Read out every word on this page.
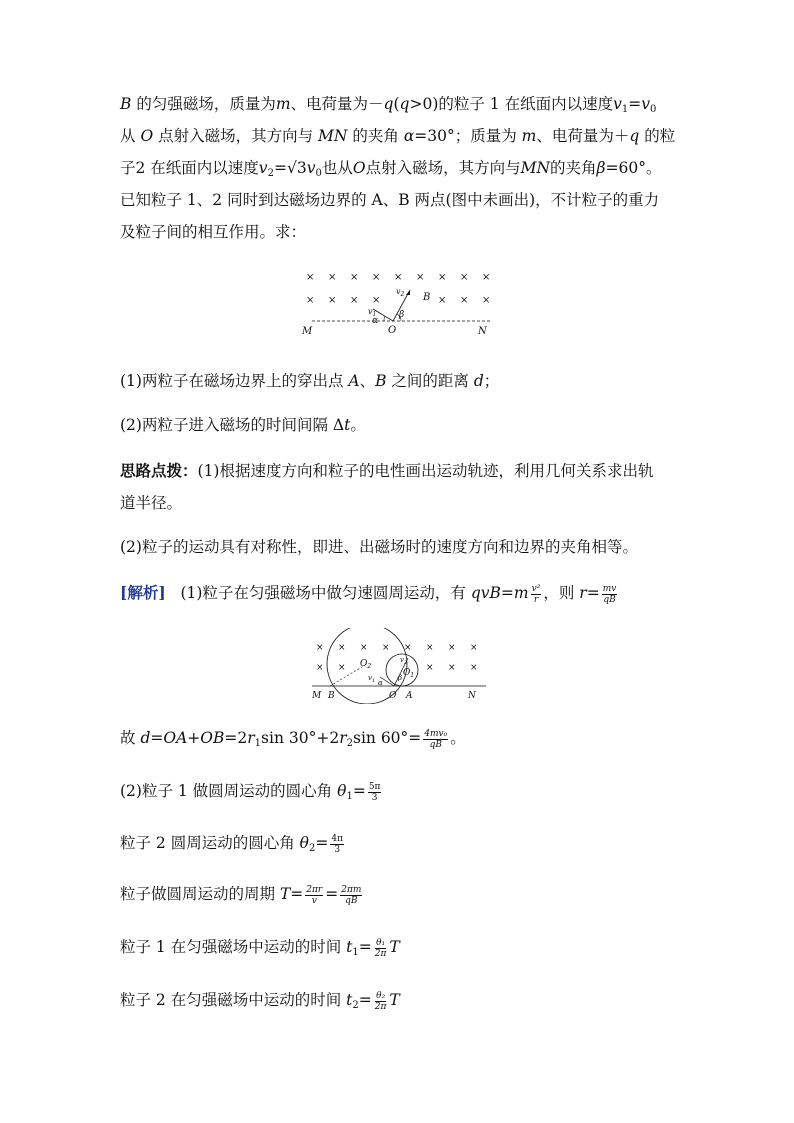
B 的匀强磁场，质量为m、电荷量为－q(q>0)的粒子 1 在纸面内以速度$v_1=v_0$
从 O 点射入磁场，其方向与 MN 的夹角 α=30°；质量为 m、电荷量为＋q 的粒
子2 在纸面内以速度$v_2=√3v_0$也从O点射入磁场，其方向与MN的夹角β=60°。
已知粒子 1、2 同时到达磁场边界的 A、B 两点(图中未画出)，不计粒子的重力
及粒子间的相互作用。求：
× × × × × × × × ×
× × × ×	× × ×
M	O	N
B
$v_2$
$v_1$
α
β
(1)两粒子在磁场边界上的穿出点 A、B 之间的距离 d；
(2)两粒子进入磁场的时间间隔 Δt。
思路点拨：(1)根据速度方向和粒子的电性画出运动轨迹，利用几何关系求出轨
道半径。
(2)粒子的运动具有对称性，即进、出磁场时的速度方向和边界的夹角相等。
[解析] (1)粒子在匀强磁场中做匀速圆周运动，有 $qvB=m \frac{\text{v²}}{r}$ ，则 $r= \frac{mv}{qB}$
× × × × × × × ×
× ×	× × ×
M B	O A	N
$O_2$
$O_1$
$v_1$
$v_2$
α
β
故 $d=OA+OB=2r_1\sin$ $30^\circ+2r_2\sin$ $60^\circ= \frac{\text{4mv₀}}{qB}$ 。
(2)粒子 1 做圆周运动的圆心角 $\theta_1= \frac{5\pi}{3}$
粒子 2 圆周运动的圆心角 $\theta_2= \frac{4\pi}{3}$
粒子做圆周运动的周期 $T= \frac{2\pi r}{v} = \frac{2\pi m}{qB}$
粒子 1 在匀强磁场中运动的时间 $t_1= \frac{\text{θ₁}}{2\pi}$ T
粒子 2 在匀强磁场中运动的时间 $t_2= \frac{\text{θ₂}}{2\pi}$ T
